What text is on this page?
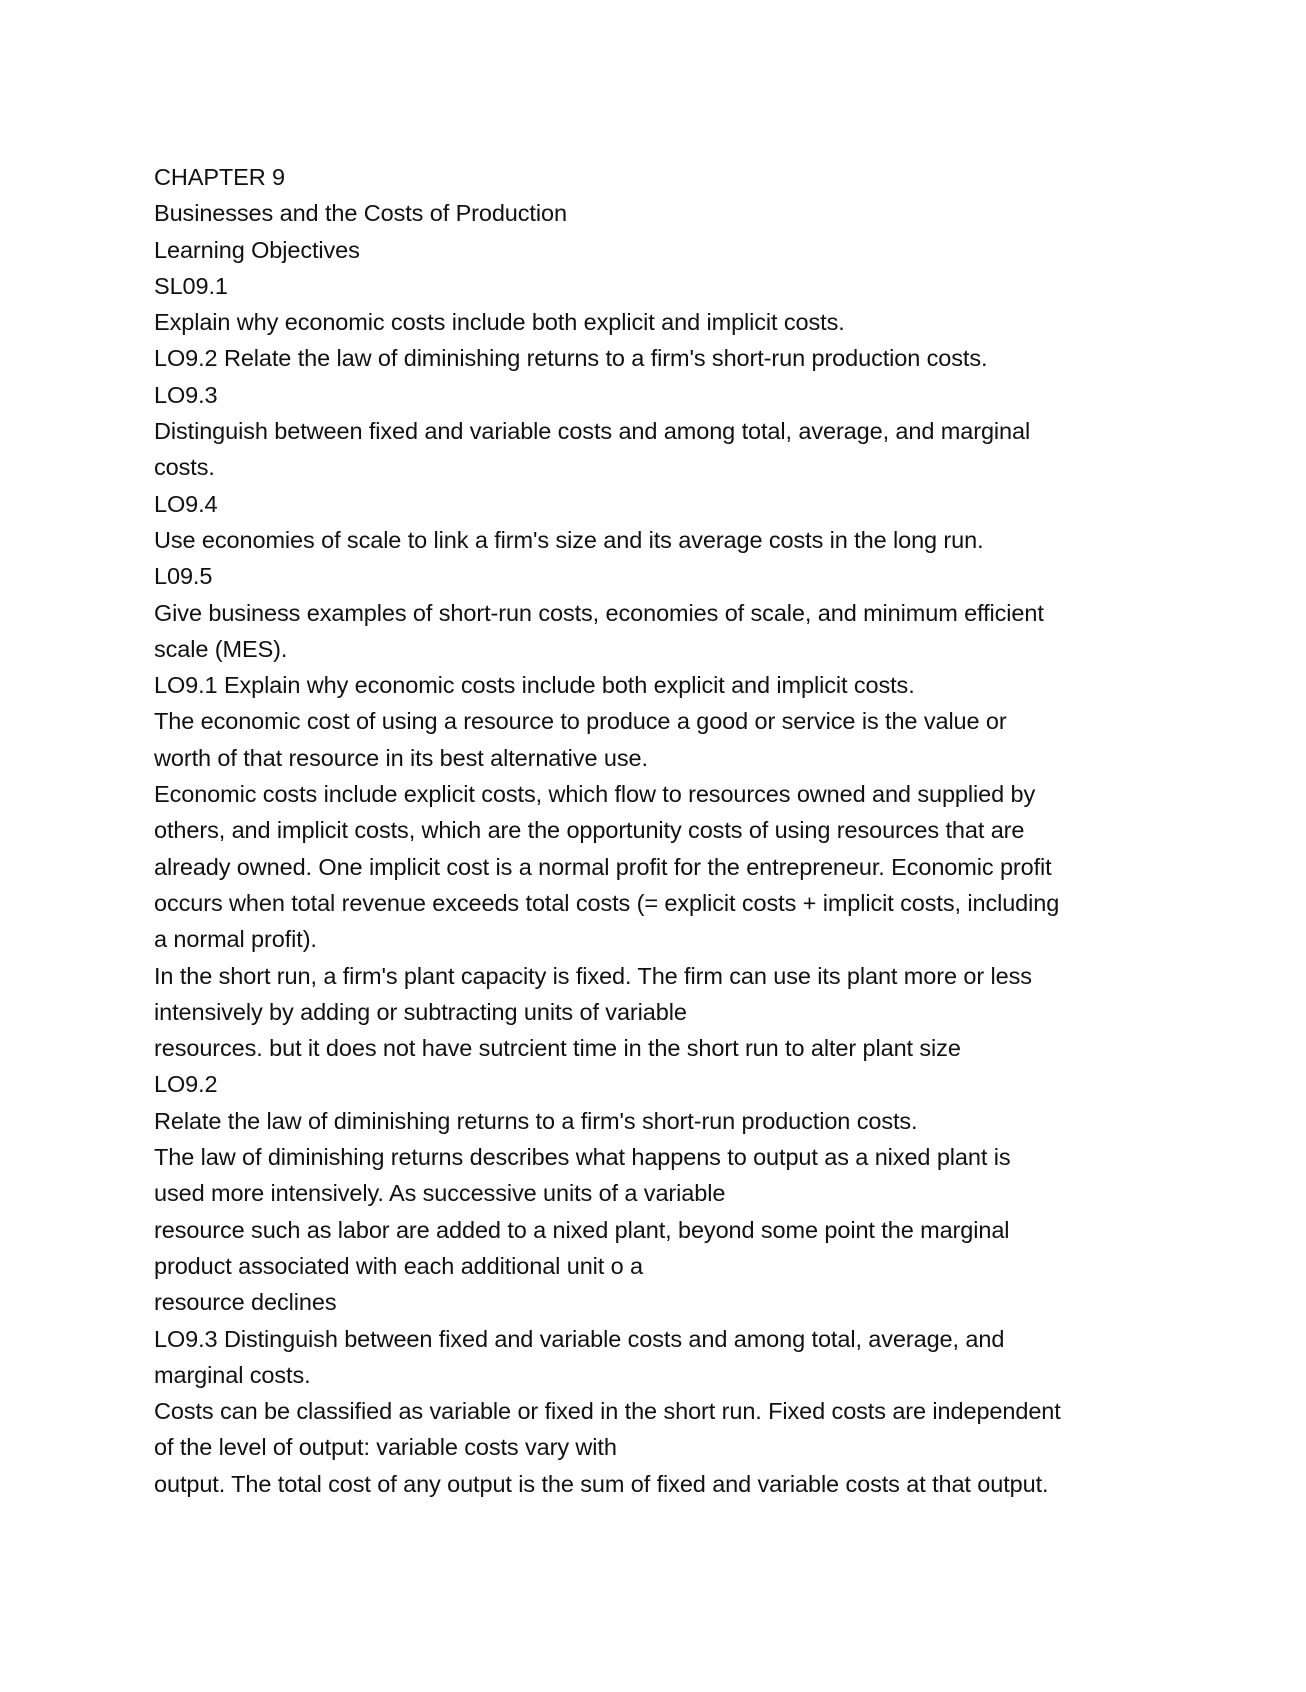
CHAPTER 9
Businesses and the Costs of Production
Learning Objectives
SL09.1
Explain why economic costs include both explicit and implicit costs.
LO9.2 Relate the law of diminishing returns to a firm's short-run production costs.
LO9.3
Distinguish between fixed and variable costs and among total, average, and marginal
costs.
LO9.4
Use economies of scale to link a firm's size and its average costs in the long run.
L09.5
Give business examples of short-run costs, economies of scale, and minimum efficient
scale (MES).
LO9.1 Explain why economic costs include both explicit and implicit costs.
The economic cost of using a resource to produce a good or service is the value or
worth of that resource in its best alternative use.
Economic costs include explicit costs, which flow to resources owned and supplied by
others, and implicit costs, which are the opportunity costs of using resources that are
already owned. One implicit cost is a normal profit for the entrepreneur. Economic profit
occurs when total revenue exceeds total costs (= explicit costs + implicit costs, including
a normal profit).
In the short run, a firm's plant capacity is fixed. The firm can use its plant more or less
intensively by adding or subtracting units of variable
resources. but it does not have sutrcient time in the short run to alter plant size
LO9.2
Relate the law of diminishing returns to a firm's short-run production costs.
The law of diminishing returns describes what happens to output as a nixed plant is
used more intensively. As successive units of a variable
resource such as labor are added to a nixed plant, beyond some point the marginal
product associated with each additional unit o a
resource declines
LO9.3 Distinguish between fixed and variable costs and among total, average, and
marginal costs.
Costs can be classified as variable or fixed in the short run. Fixed costs are independent
of the level of output: variable costs vary with
output. The total cost of any output is the sum of fixed and variable costs at that output.
